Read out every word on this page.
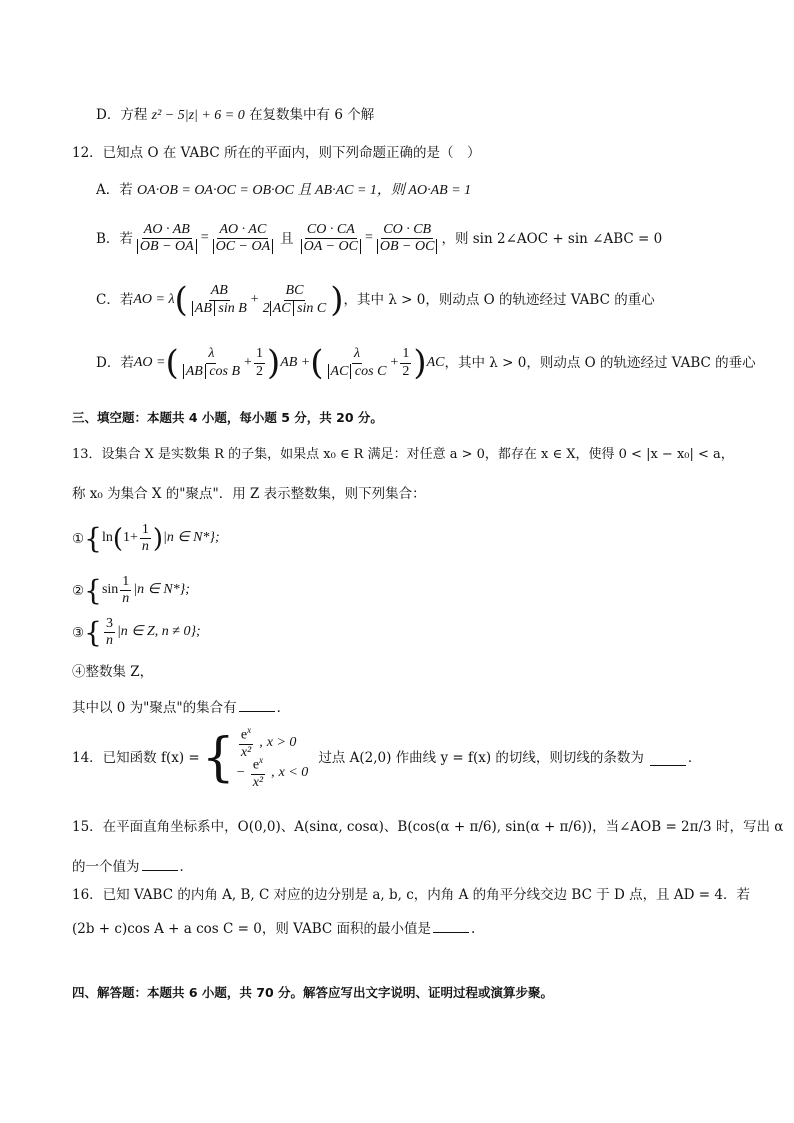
D．方程 z² − 5|z| + 6 = 0 在复数集中有 6 个解
12．已知点 O 在 VABC 所在的平面内，则下列命题正确的是（　）
A．若 OA·OB = OA·OC = OB·OC 且 AB·AC = 1，则 AO·AB = 1
B．若 $\frac{AO \cdot AB}{OB - OA} = \frac{AO \cdot AC}{OC - OA}$ 且 $\frac{CO \cdot CA}{OA - OC} = \frac{CO \cdot CB}{OB - OC}$ ，则 sin 2∠AOC + sin ∠ABC = 0
C．若 AO = λ ( $\frac{AB}{\text{AB sin B}} + \frac{BC}{\text{2 AC sin C}}$ ) ，其中 λ > 0，则动点 O 的轨迹经过 VABC 的重心
D．若 AO = ( $\frac{\lambda}{\text{AB cos B}} + \frac{1}{2}$ ) AB + ( $\frac{\lambda}{\text{AC cos C}} + \frac{1}{2}$ ) AC ，其中 λ > 0，则动点 O 的轨迹经过 VABC 的垂心
三、填空题：本题共 4 小题，每小题 5 分，共 20 分。
13．设集合 X 是实数集 R 的子集，如果点 x₀ ∈ R 满足：对任意 a > 0，都存在 x ∈ X，使得 0 < |x − x₀| < a，
称 x₀ 为集合 X 的"聚点"．用 Z 表示整数集，则下列集合：
① { ln ( $1+ \frac{1}{n}$ ) |n ∈ N*};
② { $\sin \frac{1}{n} |n$ ∈ N*};
③ { $\frac{3}{n} |n$ ∈ Z, n ≠ 0};
④整数集 Z，
其中以 0 为"聚点"的集合有	．
14．已知函数 f(x) = { $\frac{e^x}{\text{x²}}$ , x > 0
− $\frac{e^x}{\text{x²}}$ , x < 0
过点 A(2,0) 作曲线 y = f(x) 的切线，则切线的条数为	．
15．在平面直角坐标系中，O(0,0)、A(sinα, cosα)、B(cos(α + π/6), sin(α + π/6))，当∠AOB = 2π/3 时，写出 α
的一个值为	．
16．已知 VABC 的内角 A, B, C 对应的边分别是 a, b, c，内角 A 的角平分线交边 BC 于 D 点，且 AD = 4．若
(2b + c)cos A + a cos C = 0，则 VABC 面积的最小值是	.
四、解答题：本题共 6 小题，共 70 分。解答应写出文字说明、证明过程或演算步聚。
